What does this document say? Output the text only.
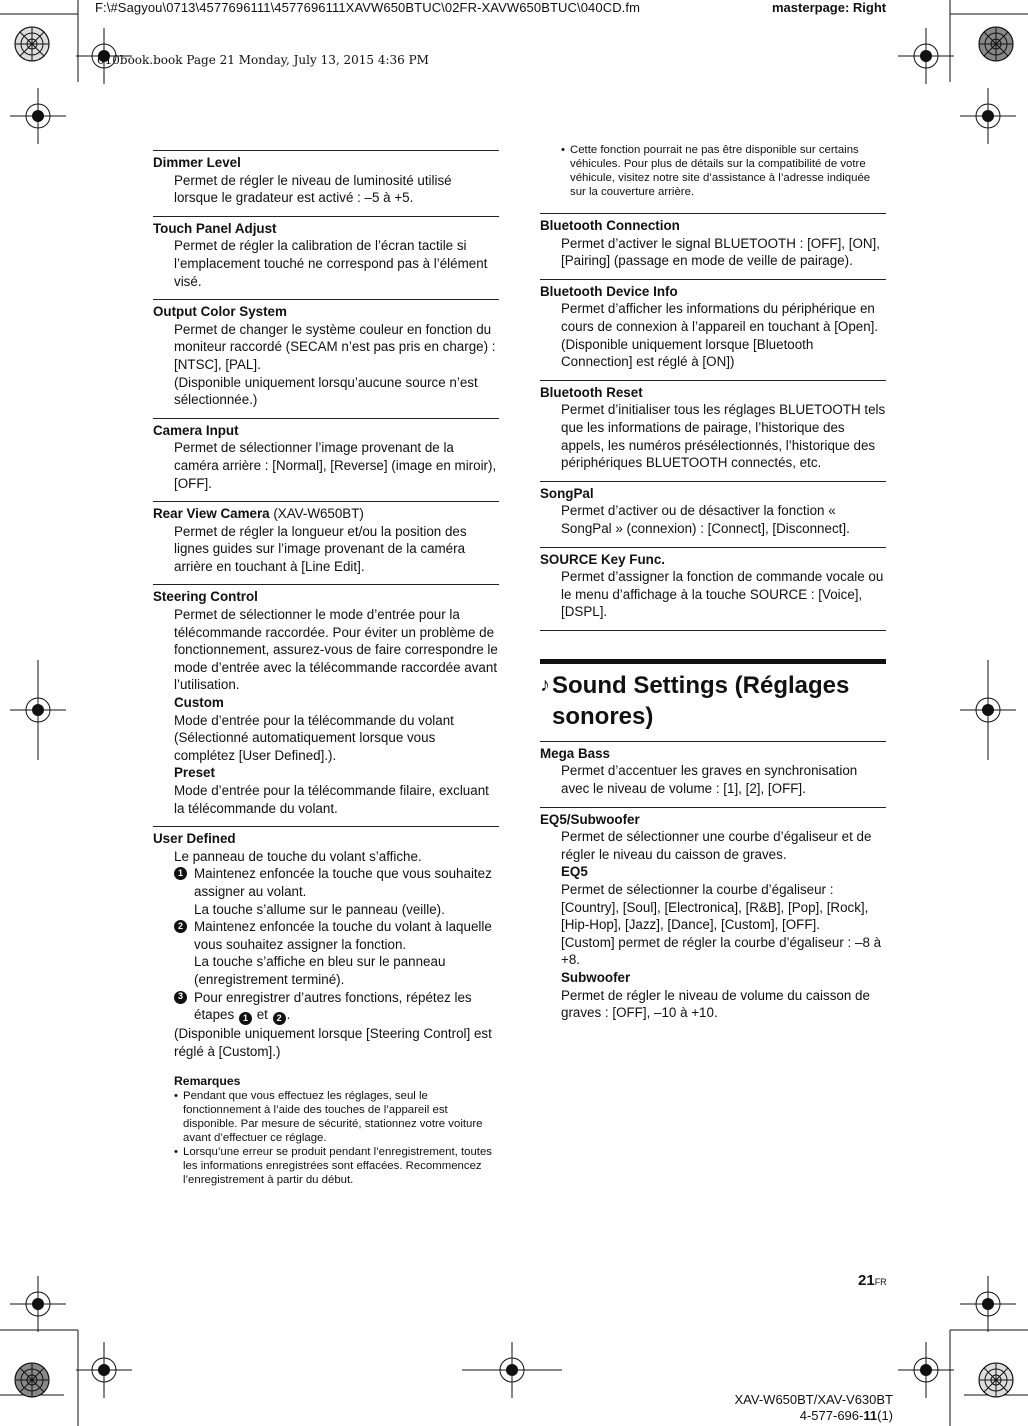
F:\#Sagyou\0713\4577696111\4577696111XAVW650BTUC\02FR-XAVW650BTUC\040CD.fm	masterpage: Right
010book.book Page 21 Monday, July 13, 2015 4:36 PM
Dimmer Level
Permet de régler le niveau de luminosité utilisé lorsque le gradateur est activé : –5 à +5.
Touch Panel Adjust
Permet de régler la calibration de l’écran tactile si l’emplacement touché ne correspond pas à l’élément visé.
Output Color System
Permet de changer le système couleur en fonction du moniteur raccordé (SECAM n’est pas pris en charge) : [NTSC], [PAL].
(Disponible uniquement lorsqu’aucune source n’est sélectionnée.)
Camera Input
Permet de sélectionner l’image provenant de la caméra arrière : [Normal], [Reverse] (image en miroir), [OFF].
Rear View Camera (XAV-W650BT)
Permet de régler la longueur et/ou la position des lignes guides sur l’image provenant de la caméra arrière en touchant à [Line Edit].
Steering Control
Permet de sélectionner le mode d’entrée pour la télécommande raccordée. Pour éviter un problème de fonctionnement, assurez-vous de faire correspondre le mode d’entrée avec la télécommande raccordée avant l’utilisation.
Custom
Mode d’entrée pour la télécommande du volant (Sélectionné automatiquement lorsque vous complétez [User Defined].).
Preset
Mode d’entrée pour la télécommande filaire, excluant la télécommande du volant.
User Defined
Le panneau de touche du volant s’affiche.
1 Maintenez enfoncée la touche que vous souhaitez assigner au volant.
La touche s’allume sur le panneau (veille).
2 Maintenez enfoncée la touche du volant à laquelle vous souhaitez assigner la fonction.
La touche s’affiche en bleu sur le panneau (enregistrement terminé).
3 Pour enregistrer d’autres fonctions, répétez les étapes 1 et 2 .
(Disponible uniquement lorsque [Steering Control] est réglé à [Custom].)
Remarques
• Pendant que vous effectuez les réglages, seul le fonctionnement à l’aide des touches de l’appareil est disponible. Par mesure de sécurité, stationnez votre voiture avant d’effectuer ce réglage.
• Lorsqu’une erreur se produit pendant l’enregistrement, toutes les informations enregistrées sont effacées. Recommencez l’enregistrement à partir du début.
• Cette fonction pourrait ne pas être disponible sur certains véhicules. Pour plus de détails sur la compatibilité de votre véhicule, visitez notre site d’assistance à l’adresse indiquée sur la couverture arrière.
Bluetooth Connection
Permet d’activer le signal BLUETOOTH : [OFF], [ON], [Pairing] (passage en mode de veille de pairage).
Bluetooth Device Info
Permet d’afficher les informations du périphérique en cours de connexion à l’appareil en touchant à [Open].
(Disponible uniquement lorsque [Bluetooth Connection] est réglé à [ON])
Bluetooth Reset
Permet d’initialiser tous les réglages BLUETOOTH tels que les informations de pairage, l’historique des appels, les numéros présélectionnés, l’historique des périphériques BLUETOOTH connectés, etc.
SongPal
Permet d’activer ou de désactiver la fonction « SongPal » (connexion) : [Connect], [Disconnect].
SOURCE Key Func.
Permet d’assigner la fonction de commande vocale ou le menu d’affichage à la touche SOURCE : [Voice], [DSPL].
♪ Sound Settings (Réglages sonores)
Mega Bass
Permet d’accentuer les graves en synchronisation avec le niveau de volume : [1], [2], [OFF].
EQ5/Subwoofer
Permet de sélectionner une courbe d’égaliseur et de régler le niveau du caisson de graves.
EQ5
Permet de sélectionner la courbe d’égaliseur : [Country], [Soul], [Electronica], [R&B], [Pop], [Rock], [Hip-Hop], [Jazz], [Dance], [Custom], [OFF].
[Custom] permet de régler la courbe d’égaliseur : –8 à +8.
Subwoofer
Permet de régler le niveau de volume du caisson de graves : [OFF], –10 à +10.
21FR
XAV-W650BT/XAV-V630BT
4-577-696-11(1)
